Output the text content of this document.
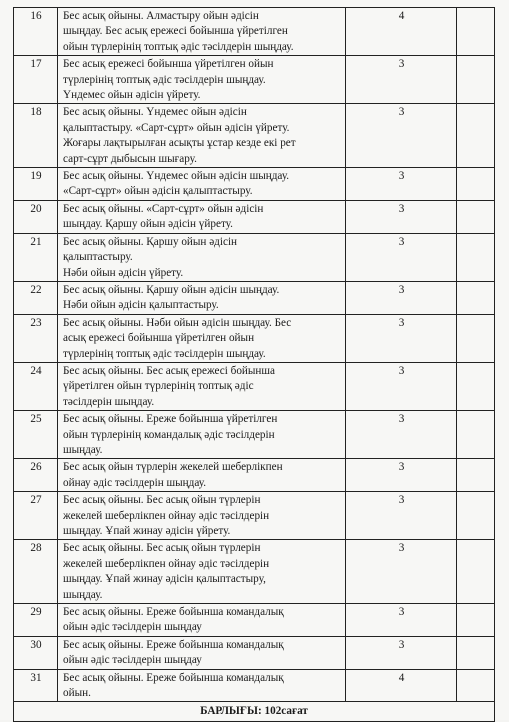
16	Бес асық ойыны. Алмастыру ойын әдісін
шыңдау. Бес асық ережесі бойынша үйретілген
ойын түрлерінің топтық әдіс тәсілдерін шыңдау.	4	
17	Бес асық ережесі бойынша үйретілген ойын
түрлерінің топтық әдіс тәсілдерін шыңдау.
Үндемес ойын әдісін үйрету.	3	
18	Бес асық ойыны. Үндемес ойын әдісін
қалыптастыру. «Сарт-сұрт» ойын әдісін үйрету.
Жоғары лақтырылған асықты ұстар кезде екі рет
сарт-сұрт дыбысын шығару.	3	
19	Бес асық ойыны. Үндемес ойын әдісін шыңдау.
«Сарт-сұрт» ойын әдісін қалыптастыру.	3	
20	Бес асық ойыны. «Сарт-сұрт» ойын әдісін
шыңдау. Қаршу ойын әдісін үйрету.	3	
21	Бес асық ойыны. Қаршу ойын әдісін
қалыптастыру.
Нәби ойын әдісін үйрету.	3	
22	Бес асық ойыны. Қаршу ойын әдісін шыңдау.
Нәби ойын әдісін қалыптастыру.	3	
23	Бес асық ойыны. Нәби ойын әдісін шыңдау. Бес
асық ережесі бойынша үйретілген ойын
түрлерінің топтық әдіс тәсілдерін шыңдау.	3	
24	Бес асық ойыны. Бес асық ережесі бойынша
үйретілген ойын түрлерінің топтық әдіс
тәсілдерін шыңдау.	3	
25	Бес асық ойыны. Ереже бойынша үйретілген
ойын түрлерінің командалық әдіс тәсілдерін
шыңдау.	3	
26	Бес асық ойын түрлерін жекелей шеберлікпен
ойнау әдіс тәсілдерін шыңдау.	3	
27	Бес асық ойыны. Бес асық ойын түрлерін
жекелей шеберлікпен ойнау әдіс тәсілдерін
шыңдау. Ұпай жинау әдісін үйрету.	3	
28	Бес асық ойыны. Бес асық ойын түрлерін
жекелей шеберлікпен ойнау әдіс тәсілдерін
шыңдау. Ұпай жинау әдісін қалыптастыру,
шыңдау.	3	
29	Бес асық ойыны. Ереже бойынша командалық
ойын әдіс тәсілдерін шыңдау	3	
30	Бес асық ойыны. Ереже бойынша командалық
ойын әдіс тәсілдерін шыңдау	3	
31	Бес асық ойыны. Ереже бойынша командалық
ойын.	4	
БАРЛЫҒЫ: 102сағат			
